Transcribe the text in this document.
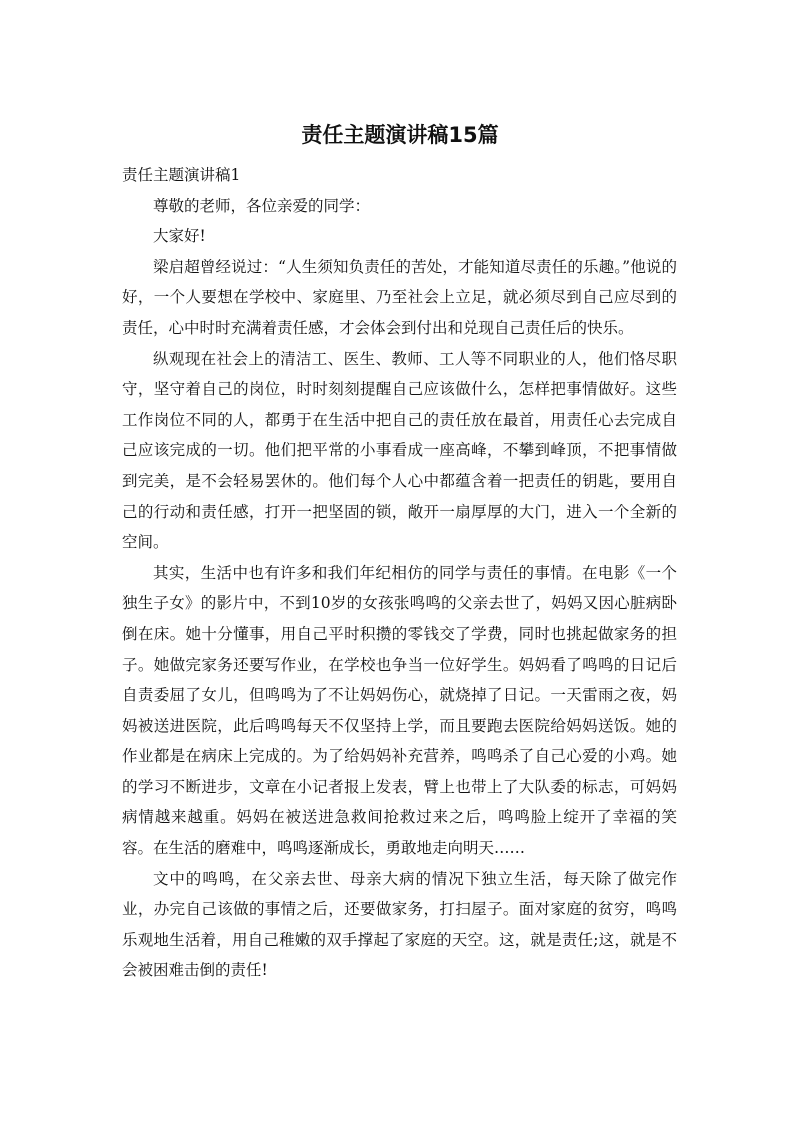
责任主题演讲稿15篇

责任主题演讲稿1

尊敬的老师，各位亲爱的同学：

大家好!

梁启超曾经说过：“人生须知负责任的苦处，才能知道尽责任的乐趣。”他说的好，一个人要想在学校中、家庭里、乃至社会上立足，就必须尽到自己应尽到的责任，心中时时充满着责任感，才会体会到付出和兑现自己责任后的快乐。

纵观现在社会上的清洁工、医生、教师、工人等不同职业的人，他们恪尽职守，坚守着自己的岗位，时时刻刻提醒自己应该做什么，怎样把事情做好。这些工作岗位不同的人，都勇于在生活中把自己的责任放在最首，用责任心去完成自己应该完成的一切。他们把平常的小事看成一座高峰，不攀到峰顶，不把事情做到完美，是不会轻易罢休的。他们每个人心中都蕴含着一把责任的钥匙，要用自己的行动和责任感，打开一把坚固的锁，敞开一扇厚厚的大门，进入一个全新的空间。

其实，生活中也有许多和我们年纪相仿的同学与责任的事情。在电影《一个独生子女》的影片中，不到10岁的女孩张鸣鸣的父亲去世了，妈妈又因心脏病卧倒在床。她十分懂事，用自己平时积攒的零钱交了学费，同时也挑起做家务的担子。她做完家务还要写作业，在学校也争当一位好学生。妈妈看了鸣鸣的日记后自责委屈了女儿，但鸣鸣为了不让妈妈伤心，就烧掉了日记。一天雷雨之夜，妈妈被送进医院，此后鸣鸣每天不仅坚持上学，而且要跑去医院给妈妈送饭。她的作业都是在病床上完成的。为了给妈妈补充营养，鸣鸣杀了自己心爱的小鸡。她的学习不断进步，文章在小记者报上发表，臂上也带上了大队委的标志，可妈妈病情越来越重。妈妈在被送进急救间抢救过来之后，鸣鸣脸上绽开了幸福的笑容。在生活的磨难中，鸣鸣逐渐成长，勇敢地走向明天……

文中的鸣鸣，在父亲去世、母亲大病的情况下独立生活，每天除了做完作业，办完自己该做的事情之后，还要做家务，打扫屋子。面对家庭的贫穷，鸣鸣乐观地生活着，用自己稚嫩的双手撑起了家庭的天空。这，就是责任;这，就是不会被困难击倒的责任!
